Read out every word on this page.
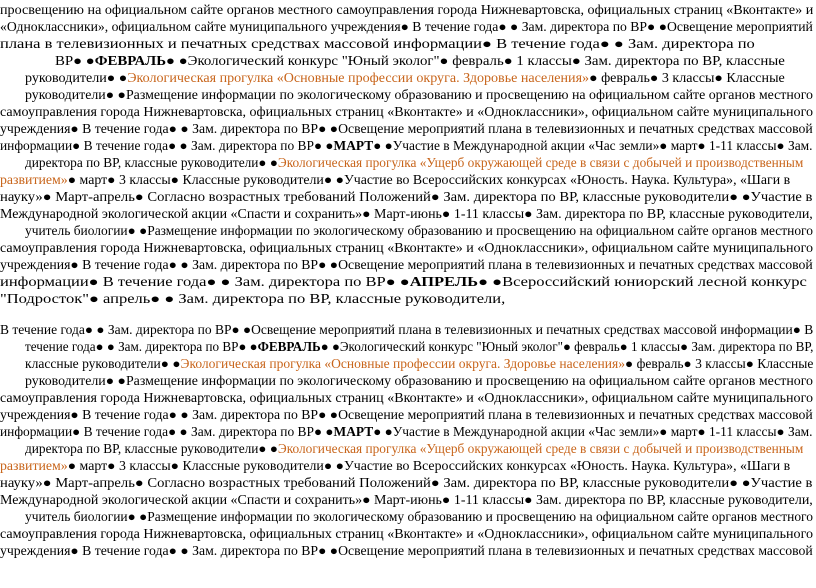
просвещению на официальном сайте органов местного самоуправления города Нижневартовска, официальных страниц «Вконтакте» и
«Одноклассники», официальном сайте муниципального учреждения● В течение года● ● Зам. директора по ВР● ●Освещение мероприятий
плана в телевизионных и печатных средствах массовой информации● В течение года● ● Зам. директора по
ВР● ●ФЕВРАЛЬ● ●Экологический конкурс "Юный эколог"● февраль● 1 классы● Зам. директора по ВР, классные
руководители● ●Экологическая прогулка «Основные профессии округа. Здоровье населения»● февраль● 3 классы● Классные
руководители● ●Размещение информации по экологическому образованию и просвещению на официальном сайте органов местного
самоуправления города Нижневартовска, официальных страниц «Вконтакте» и «Одноклассники», официальном сайте муниципального
учреждения● В течение года● ● Зам. директора по ВР● ●Освещение мероприятий плана в телевизионных и печатных средствах массовой
информации● В течение года● ● Зам. директора по ВР● ●МАРТ● ●Участие в Международной акции «Час земли»● март● 1-11 классы● Зам.
директора по ВР, классные руководители● ●Экологическая прогулка «Ущерб окружающей среде в связи с добычей и производственным
развитием»● март● 3 классы● Классные руководители● ●Участие во Всероссийских конкурсах «Юность. Наука. Культура», «Шаги в
науку»● Март-апрель● Согласно возрастных требований Положений● Зам. директора по ВР, классные руководители● ●Участие в
Международной экологической акции «Спасти и сохранить»● Март-июнь● 1-11 классы● Зам. директора по ВР, классные руководители,
учитель биологии● ●Размещение информации по экологическому образованию и просвещению на официальном сайте органов местного
самоуправления города Нижневартовска, официальных страниц «Вконтакте» и «Одноклассники», официальном сайте муниципального
учреждения● В течение года● ● Зам. директора по ВР● ●Освещение мероприятий плана в телевизионных и печатных средствах массовой
информации● В течение года● ● Зам. директора по ВР● ●АПРЕЛЬ● ●Всероссийский юниорский лесной конкурс
"Подросток"● апрель● ● Зам. директора по ВР, классные руководители,
В течение года● ● Зам. директора по ВР● ●Освещение мероприятий плана в телевизионных и печатных средствах массовой информации● В
течение года● ● Зам. директора по ВР● ●ФЕВРАЛЬ● ●Экологический конкурс "Юный эколог"● февраль● 1 классы● Зам. директора по ВР,
классные руководители● ●Экологическая прогулка «Основные профессии округа. Здоровье населения»● февраль● 3 классы● Классные
руководители● ●Размещение информации по экологическому образованию и просвещению на официальном сайте органов местного
самоуправления города Нижневартовска, официальных страниц «Вконтакте» и «Одноклассники», официальном сайте муниципального
учреждения● В течение года● ● Зам. директора по ВР● ●Освещение мероприятий плана в телевизионных и печатных средствах массовой
информации● В течение года● ● Зам. директора по ВР● ●МАРТ● ●Участие в Международной акции «Час земли»● март● 1-11 классы● Зам.
директора по ВР, классные руководители● ●Экологическая прогулка «Ущерб окружающей среде в связи с добычей и производственным
развитием»● март● 3 классы● Классные руководители● ●Участие во Всероссийских конкурсах «Юность. Наука. Культура», «Шаги в
науку»● Март-апрель● Согласно возрастных требований Положений● Зам. директора по ВР, классные руководители● ●Участие в
Международной экологической акции «Спасти и сохранить»● Март-июнь● 1-11 классы● Зам. директора по ВР, классные руководители,
учитель биологии● ●Размещение информации по экологическому образованию и просвещению на официальном сайте органов местного
самоуправления города Нижневартовска, официальных страниц «Вконтакте» и «Одноклассники», официальном сайте муниципального
учреждения● В течение года● ● Зам. директора по ВР● ●Освещение мероприятий плана в телевизионных и печатных средствах массовой
